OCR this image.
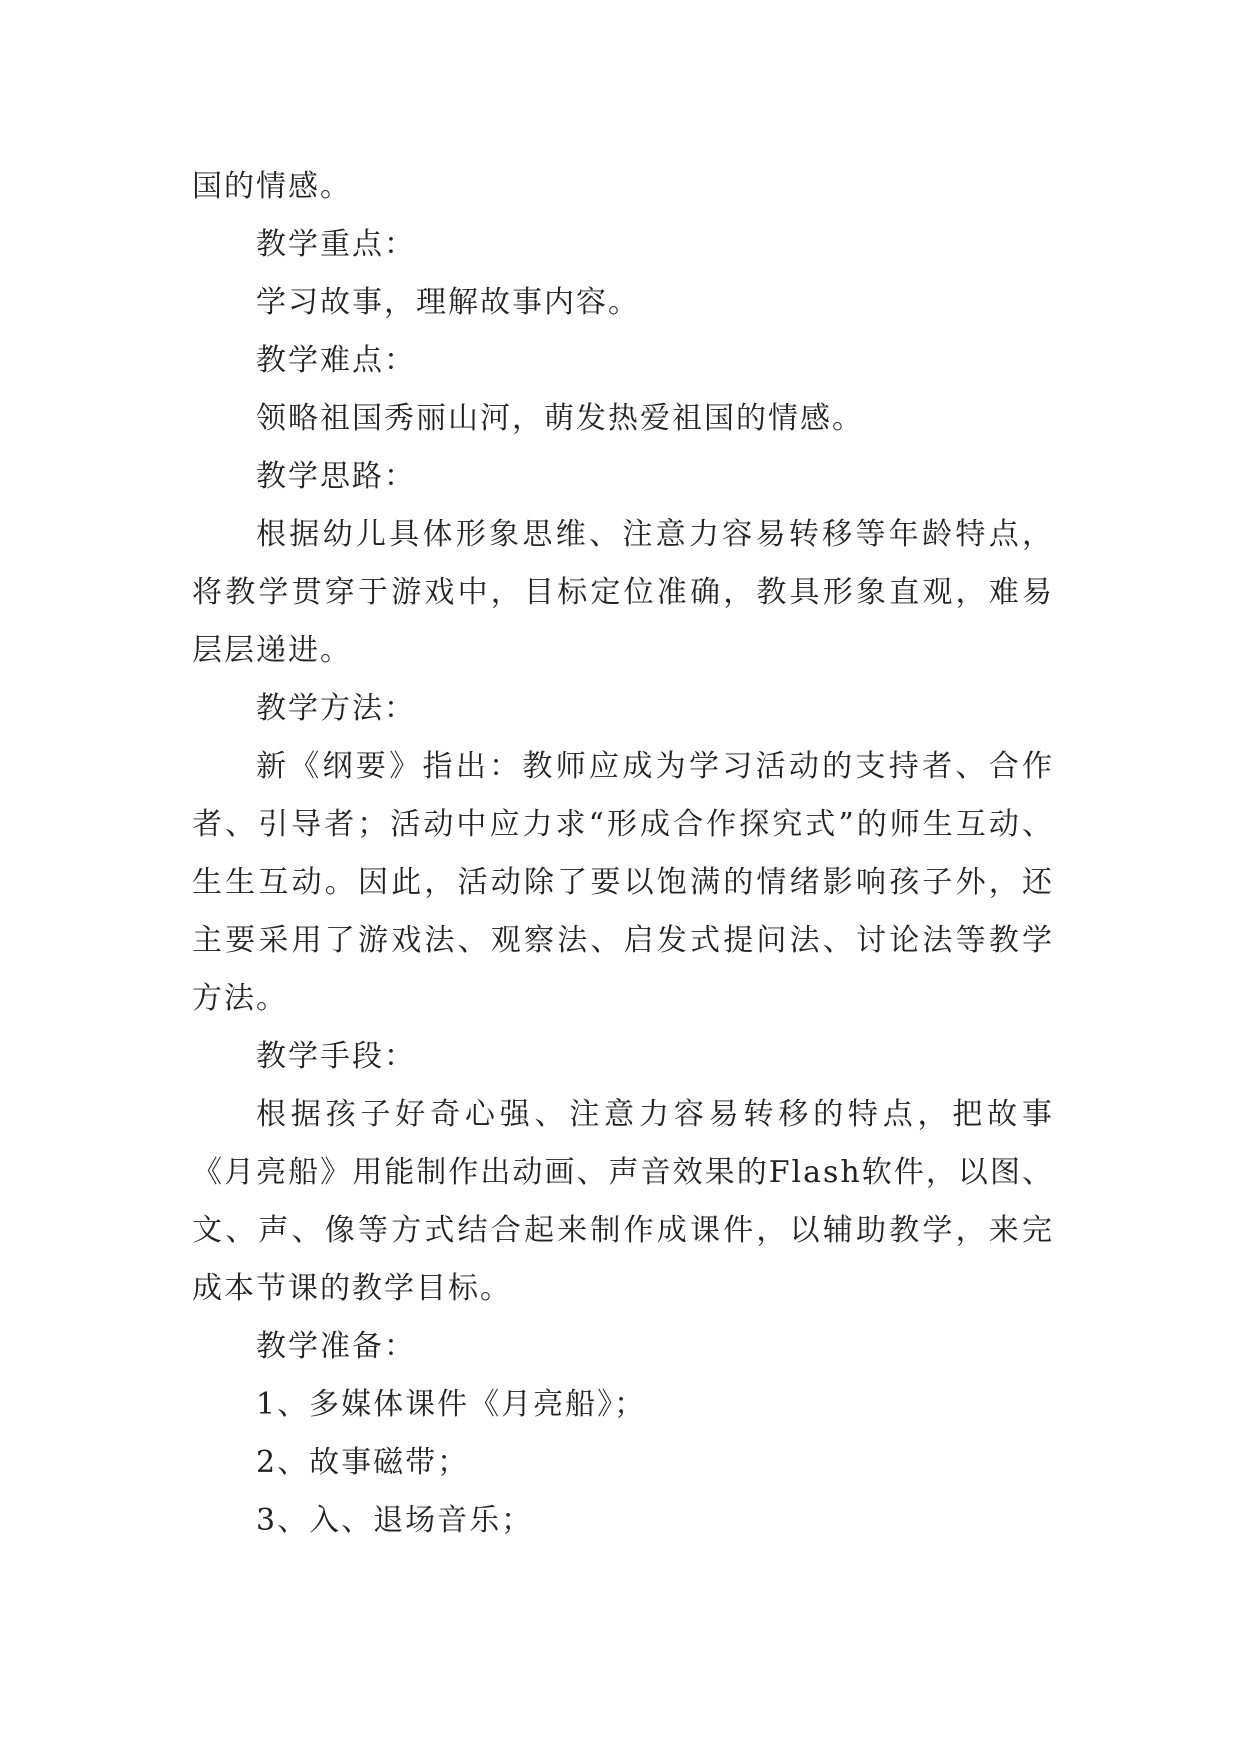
国的情感。
教学重点：
学习故事，理解故事内容。
教学难点：
领略祖国秀丽山河，萌发热爱祖国的情感。
教学思路：
根据幼儿具体形象思维、注意力容易转移等年龄特点，
将教学贯穿于游戏中，目标定位准确，教具形象直观，难易
层层递进。
教学方法：
新《纲要》指出：教师应成为学习活动的支持者、合作
者、引导者；活动中应力求“形成合作探究式”的师生互动、
生生互动。因此，活动除了要以饱满的情绪影响孩子外，还
主要采用了游戏法、观察法、启发式提问法、讨论法等教学
方法。
教学手段：
根据孩子好奇心强、注意力容易转移的特点，把故事
《月亮船》用能制作出动画、声音效果的Flash软件，以图、
文、声、像等方式结合起来制作成课件，以辅助教学，来完
成本节课的教学目标。
教学准备：
1、多媒体课件《月亮船》；
2、故事磁带；
3、入、退场音乐；
